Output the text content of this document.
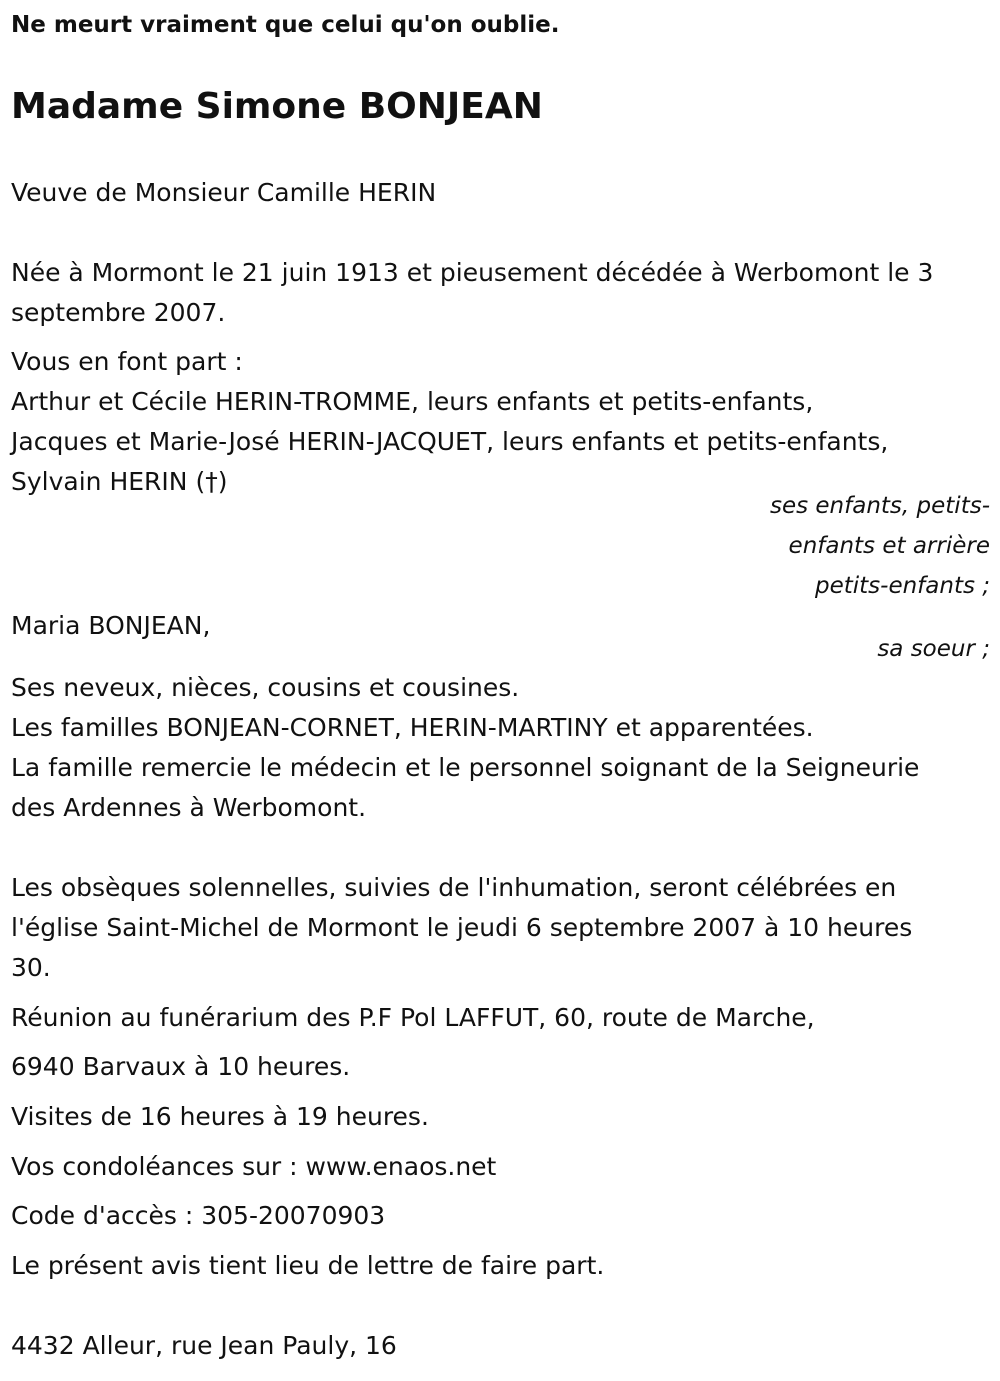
Ne meurt vraiment que celui qu'on oublie.
Madame Simone BONJEAN
Veuve de Monsieur Camille HERIN
Née à Mormont le 21 juin 1913 et pieusement décédée à Werbomont le 3
septembre 2007.
Vous en font part :
Arthur et Cécile HERIN-TROMME, leurs enfants et petits-enfants,
Jacques et Marie-José HERIN-JACQUET, leurs enfants et petits-enfants,
Sylvain HERIN (†)
ses enfants, petits-
enfants et arrière
petits-enfants ;
Maria BONJEAN,
sa soeur ;
Ses neveux, nièces, cousins et cousines.
Les familles BONJEAN-CORNET, HERIN-MARTINY et apparentées.
La famille remercie le médecin et le personnel soignant de la Seigneurie
des Ardennes à Werbomont.
Les obsèques solennelles, suivies de l'inhumation, seront célébrées en
l'église Saint-Michel de Mormont le jeudi 6 septembre 2007 à 10 heures
30.
Réunion au funérarium des P.F Pol LAFFUT, 60, route de Marche,
6940 Barvaux à 10 heures.
Visites de 16 heures à 19 heures.
Vos condoléances sur : www.enaos.net
Code d'accès : 305-20070903
Le présent avis tient lieu de lettre de faire part.
4432 Alleur, rue Jean Pauly, 16
